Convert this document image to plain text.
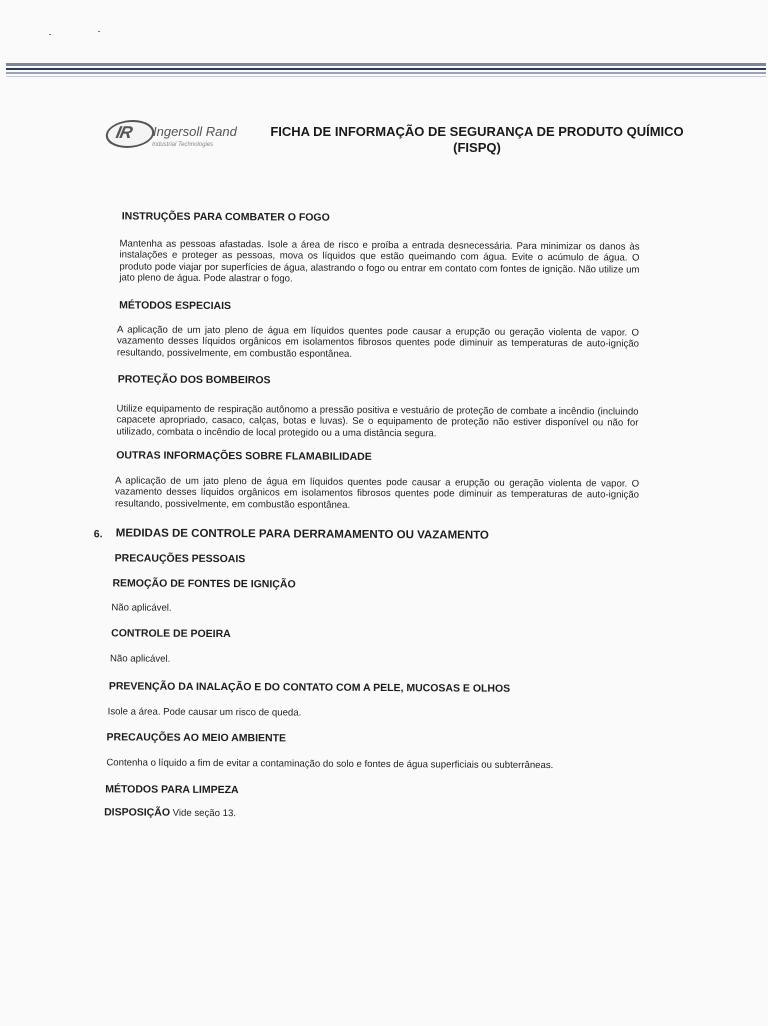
IR Ingersoll Rand
Industrial Technologies
FICHA DE INFORMAÇÃO DE SEGURANÇA DE PRODUTO QUÍMICO
(FISPQ)
INSTRUÇÕES PARA COMBATER O FOGO
Mantenha as pessoas afastadas. Isole a área de risco e proíba a entrada desnecessária. Para minimizar os danos às instalações e proteger as pessoas, mova os líquidos que estão queimando com água. Evite o acúmulo de água. O produto pode viajar por superfícies de água, alastrando o fogo ou entrar em contato com fontes de ignição. Não utilize um jato pleno de água. Pode alastrar o fogo.
MÉTODOS ESPECIAIS
A aplicação de um jato pleno de água em líquidos quentes pode causar a erupção ou geração violenta de vapor. O vazamento desses líquidos orgânicos em isolamentos fibrosos quentes pode diminuir as temperaturas de auto-ignição resultando, possivelmente, em combustão espontânea.
PROTEÇÃO DOS BOMBEIROS
Utilize equipamento de respiração autônomo a pressão positiva e vestuário de proteção de combate a incêndio (incluindo capacete apropriado, casaco, calças, botas e luvas). Se o equipamento de proteção não estiver disponível ou não for utilizado, combata o incêndio de local protegido ou a uma distância segura.
OUTRAS INFORMAÇÕES SOBRE FLAMABILIDADE
A aplicação de um jato pleno de água em líquidos quentes pode causar a erupção ou geração violenta de vapor. O vazamento desses líquidos orgânicos em isolamentos fibrosos quentes pode diminuir as temperaturas de auto-ignição resultando, possivelmente, em combustão espontânea.
6. MEDIDAS DE CONTROLE PARA DERRAMAMENTO OU VAZAMENTO
PRECAUÇÕES PESSOAIS
REMOÇÃO DE FONTES DE IGNIÇÃO
Não aplicável.
CONTROLE DE POEIRA
Não aplicável.
PREVENÇÃO DA INALAÇÃO E DO CONTATO COM A PELE, MUCOSAS E OLHOS
Isole a área. Pode causar um risco de queda.
PRECAUÇÕES AO MEIO AMBIENTE
Contenha o líquido a fim de evitar a contaminação do solo e fontes de água superficiais ou subterrâneas.
MÉTODOS PARA LIMPEZA
DISPOSIÇÃO Vide seção 13.
